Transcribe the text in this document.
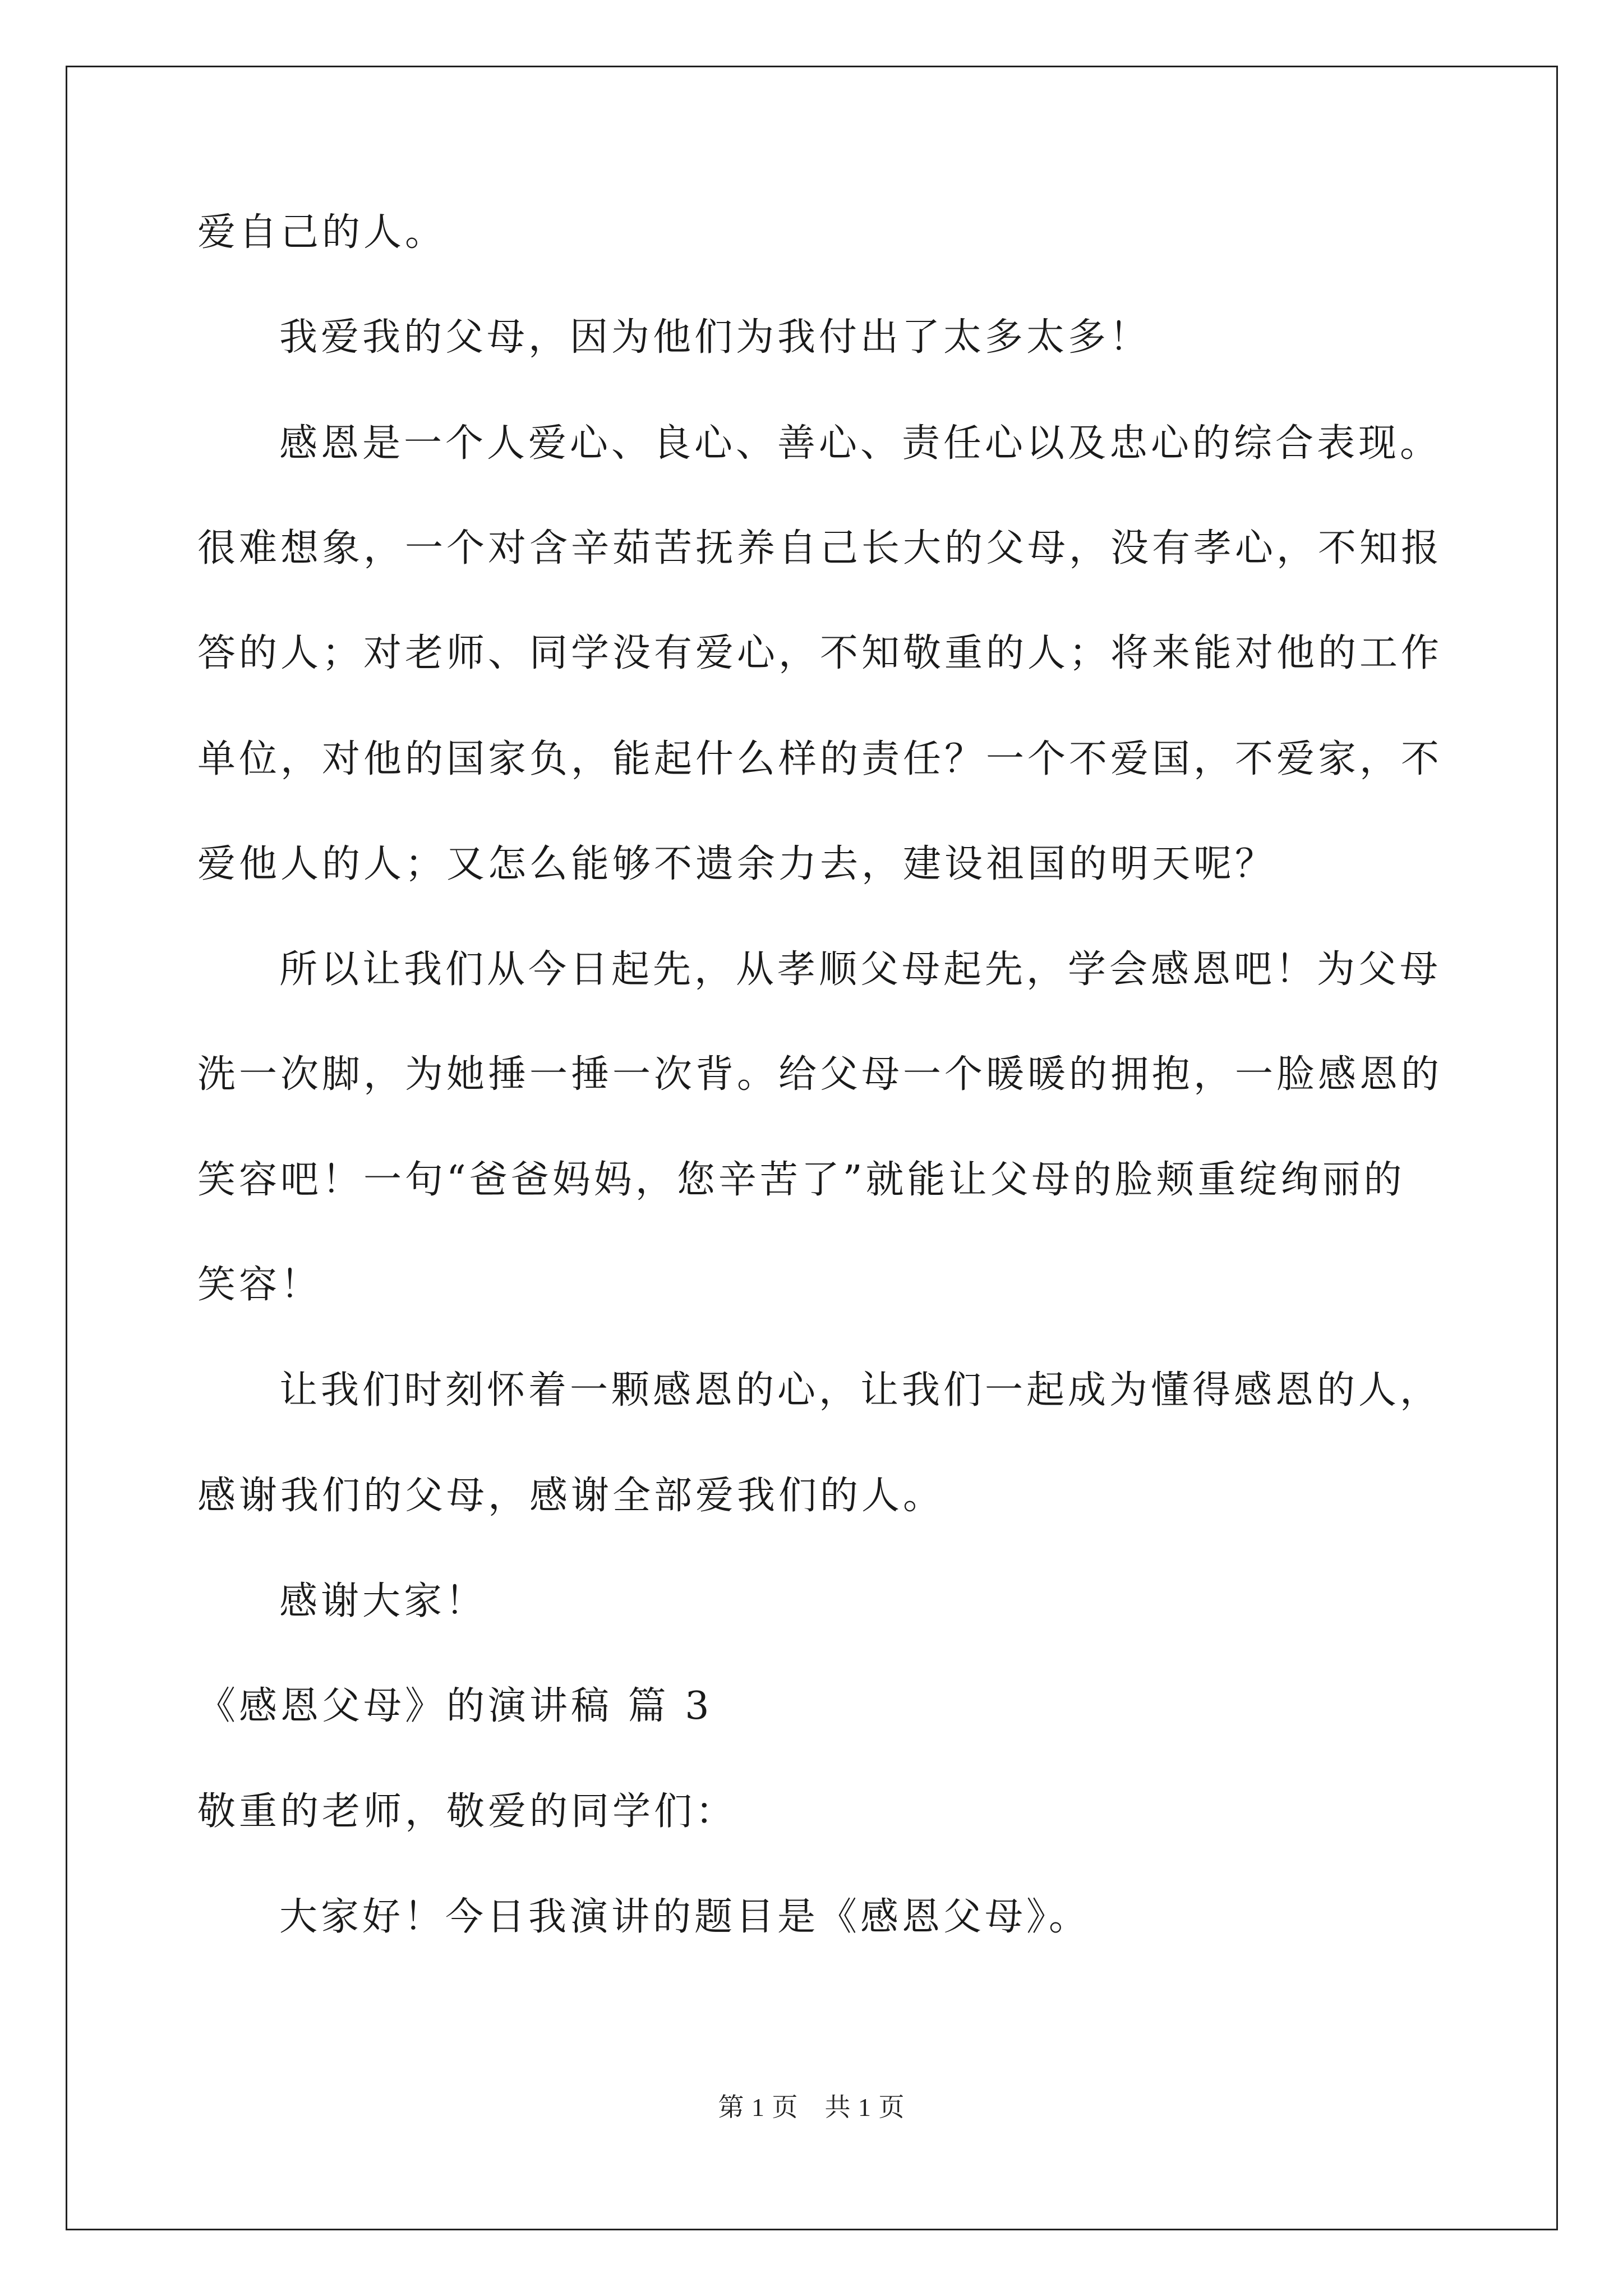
爱自己的人。
我爱我的父母，因为他们为我付出了太多太多！
感恩是一个人爱心、良心、善心、责任心以及忠心的综合表现。
很难想象，一个对含辛茹苦抚养自己长大的父母，没有孝心，不知报
答的人；对老师、同学没有爱心，不知敬重的人；将来能对他的工作
单位，对他的国家负，能起什么样的责任？一个不爱国，不爱家，不
爱他人的人；又怎么能够不遗余力去，建设祖国的明天呢？
所以让我们从今日起先，从孝顺父母起先，学会感恩吧！为父母
洗一次脚，为她捶一捶一次背。给父母一个暖暖的拥抱，一脸感恩的
笑容吧！一句“爸爸妈妈，您辛苦了”就能让父母的脸颊重绽绚丽的
笑容！
让我们时刻怀着一颗感恩的心，让我们一起成为懂得感恩的人，
感谢我们的父母，感谢全部爱我们的人。
感谢大家！
《感恩父母》的演讲稿 篇 3
敬重的老师，敬爱的同学们：
大家好！今日我演讲的题目是《感恩父母》。
第 1 页　共 1 页
